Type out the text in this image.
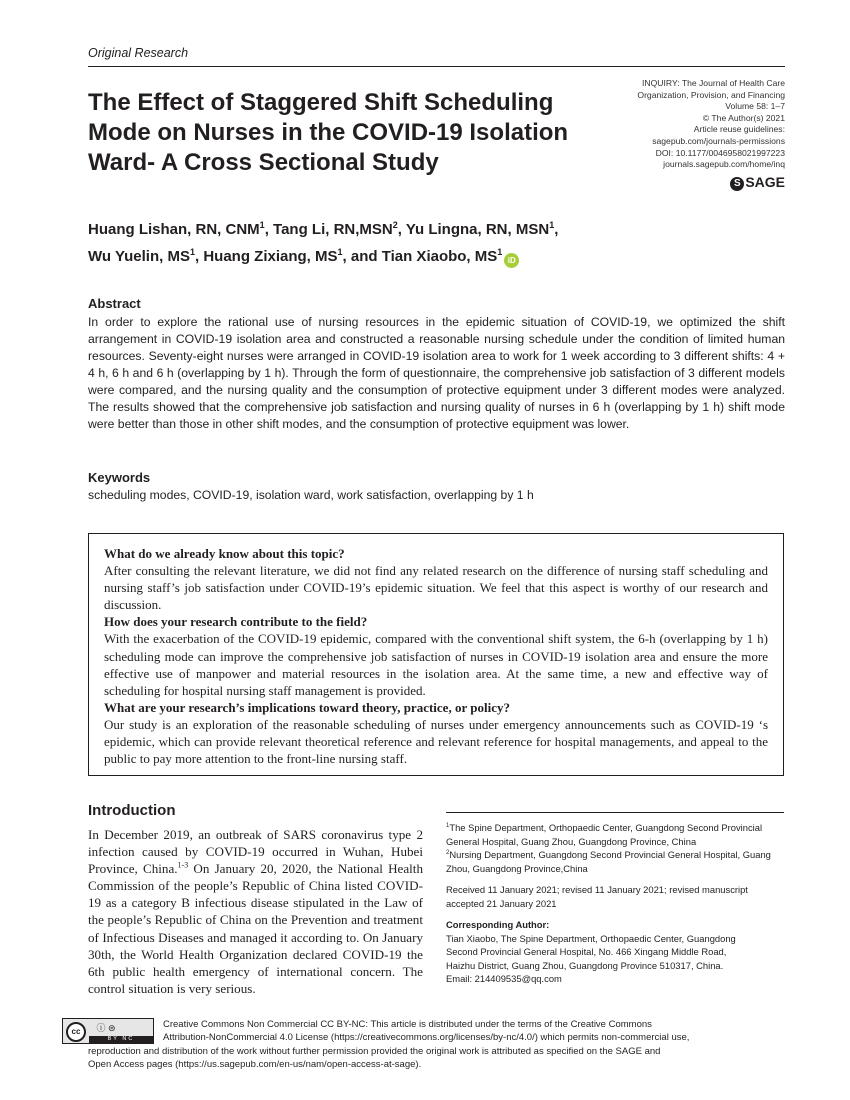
Original Research
The Effect of Staggered Shift Scheduling
Mode on Nurses in the COVID-19 Isolation
Ward- A Cross Sectional Study
INQUIRY: The Journal of Health Care
Organization, Provision, and Financing
Volume 58: 1–7
© The Author(s) 2021
Article reuse guidelines:
sagepub.com/journals-permissions
DOI: 10.1177/0046958021997223
journals.sagepub.com/home/inq
S SAGE
Huang Lishan, RN, CNM$^1$, Tang Li, RN,MSN$^2$, Yu Lingna, RN, MSN$^1$,
Wu Yuelin, $MS^1$, Huang Zixiang, $MS^1$, and Tian Xiaobo, $MS^1iD$
Abstract
In order to explore the rational use of nursing resources in the epidemic situation of COVID-19, we optimized the shift arrangement in COVID-19 isolation area and constructed a reasonable nursing schedule under the condition of limited human resources. Seventy-eight nurses were arranged in COVID-19 isolation area to work for 1 week according to 3 different shifts: 4 + 4 h, 6 h and 6 h (overlapping by 1 h). Through the form of questionnaire, the comprehensive job satisfaction of 3 different models were compared, and the nursing quality and the consumption of protective equipment under 3 different modes were analyzed. The results showed that the comprehensive job satisfaction and nursing quality of nurses in 6 h (overlapping by 1 h) shift mode were better than those in other shift modes, and the consumption of protective equipment was lower.
Keywords
scheduling modes, COVID-19, isolation ward, work satisfaction, overlapping by 1 h
What do we already know about this topic?
After consulting the relevant literature, we did not find any related research on the difference of nursing staff scheduling and nursing staff’s job satisfaction under COVID-19’s epidemic situation. We feel that this aspect is worthy of our research and discussion.
How does your research contribute to the field?
With the exacerbation of the COVID-19 epidemic, compared with the conventional shift system, the 6-h (overlapping by 1 h) scheduling mode can improve the comprehensive job satisfaction of nurses in COVID-19 isolation area and ensure the more effective use of manpower and material resources in the isolation area. At the same time, a new and effective way of scheduling for hospital nursing staff management is provided.
What are your research’s implications toward theory, practice, or policy?
Our study is an exploration of the reasonable scheduling of nurses under emergency announcements such as COVID-19 ‘s epidemic, which can provide relevant theoretical reference and relevant reference for hospital managements, and appeal to the public to pay more attention to the front-line nursing staff.
Introduction
In December 2019, an outbreak of SARS coronavirus type 2 infection caused by COVID-19 occurred in Wuhan, Hubei Province, China.$^{1-3}$ On January 20, 2020, the National Health Commission of the people’s Republic of China listed COVID-19 as a category B infectious disease stipulated in the Law of the people’s Republic of China on the Prevention and treatment of Infectious Diseases and managed it according to. On January 30th, the World Health Organization declared COVID-19 the 6th public health emergency of international concern. The control situation is very serious.

$^1$The Spine Department, Orthopaedic Center, Guangdong Second Provincial General Hospital, Guang Zhou, Guangdong Province, China

$^2$Nursing Department, Guangdong Second Provincial General Hospital, Guang Zhou, Guangdong Province,China

Received 11 January 2021; revised 11 January 2021; revised manuscript accepted 21 January 2021

Corresponding Author:
Tian Xiaobo, The Spine Department, Orthopaedic Center, Guangdong
Second Provincial General Hospital, No. 466 Xingang Middle Road,
Haizhu District, Guang Zhou, Guangdong Province 510317, China.
Email: 214409535@qq.com
cc	ⓘ ⊜
BY NC
Creative Commons Non Commercial CC BY-NC: This article is distributed under the terms of the Creative Commons
Attribution-NonCommercial 4.0 License (https://creativecommons.org/licenses/by-nc/4.0/) which permits non-commercial use,
reproduction and distribution of the work without further permission provided the original work is attributed as specified on the SAGE and
Open Access pages (https://us.sagepub.com/en-us/nam/open-access-at-sage).
